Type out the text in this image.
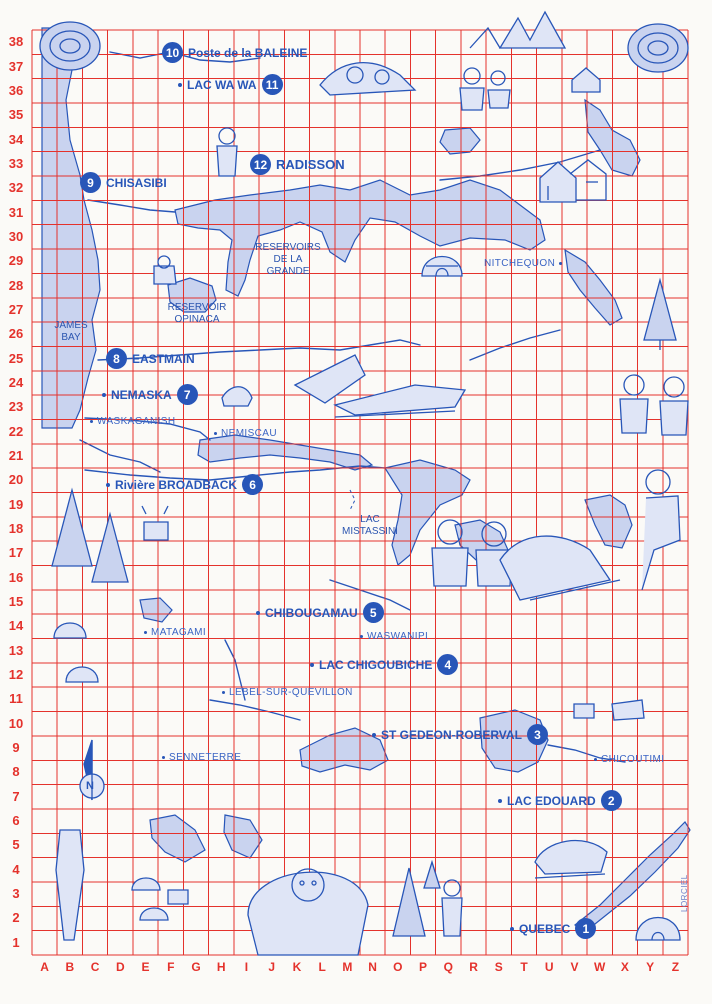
38
37
36
35
34
33
32
31
30
29
28
27
26
25
24
23
22
21
20
19
18
17
16
15
14
13
12
11
10
9
8
7
6
5
4
3
2
1
A	B	C	D	E	F	G	H	I	J	K	L	M	N	O	P	Q	R	S	T	U	V	W	X	Y	Z
JAMES
BAY
RESERVOIRS
DE LA
GRANDE
RESERVOIR
OPINACA
LAC
MISTASSINI
NITCHEQUON
WASKAGANISH
NEMISCAU
WASWANIPI
MATAGAMI
LEBEL-SUR-QUEVILLON
SENNETERRE	CHICOUTIMI
10 Poste de la BALEINE
LAC WA WA 11
12 RADISSON
9	CHISASIBI
8	EASTMAIN
NEMASKA	7
Rivière BROADBACK	6
CHIBOUGAMAU	5
LAC CHIGOUBICHE	4
ST GEDEON-ROBERVAL	3
LAC EDOUARD	2
QUEBEC	1
N
LORCIEL
